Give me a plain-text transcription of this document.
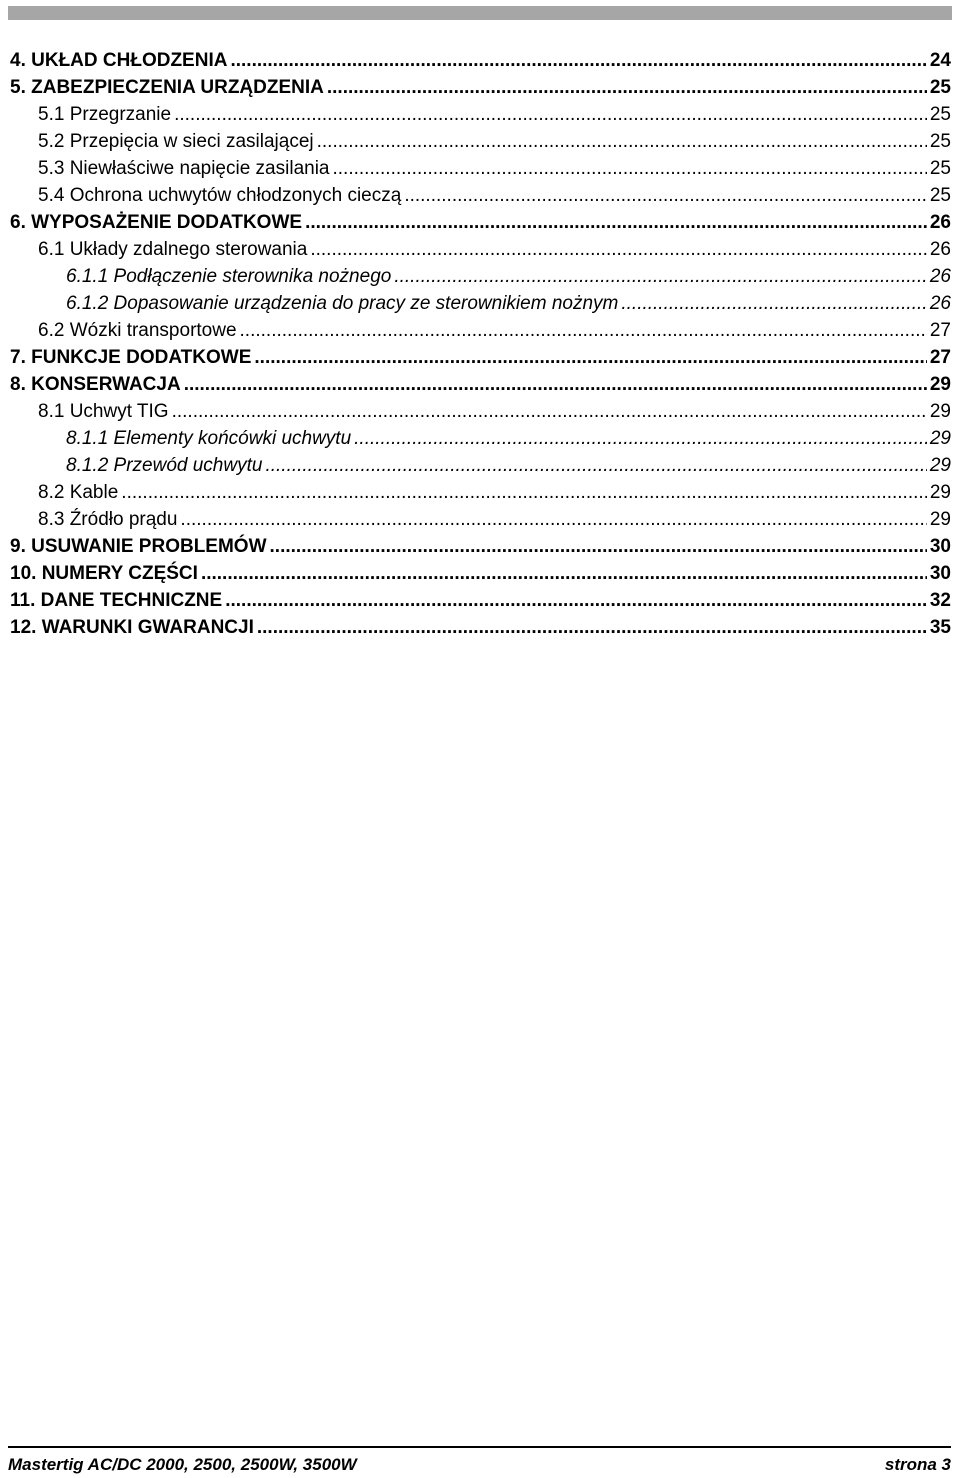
4. UKŁAD CHŁODZENIA .....	24
5. ZABEZPIECZENIA URZĄDZENIA .....	25
5.1 Przegrzanie .....	25
5.2 Przepięcia w sieci zasilającej .....	25
5.3 Niewłaściwe napięcie zasilania .....	25
5.4 Ochrona uchwytów chłodzonych cieczą .....	25
6. WYPOSAŻENIE DODATKOWE .....	26
6.1 Układy zdalnego sterowania .....	26
6.1.1 Podłączenie sterownika nożnego .....	26
6.1.2 Dopasowanie urządzenia do pracy ze sterownikiem nożnym .....	26
6.2 Wózki transportowe .....	27
7. FUNKCJE DODATKOWE .....	27
8. KONSERWACJA .....	29
8.1 Uchwyt TIG .....	29
8.1.1 Elementy końcówki uchwytu .....	29
8.1.2 Przewód uchwytu .....	29
8.2 Kable .....	29
8.3 Źródło prądu .....	29
9. USUWANIE PROBLEMÓW .....	30
10. NUMERY CZĘŚCI .....	30
11. DANE TECHNICZNE .....	32
12. WARUNKI GWARANCJI .....	35
Mastertig AC/DC 2000, 2500, 2500W, 3500W	strona 3
